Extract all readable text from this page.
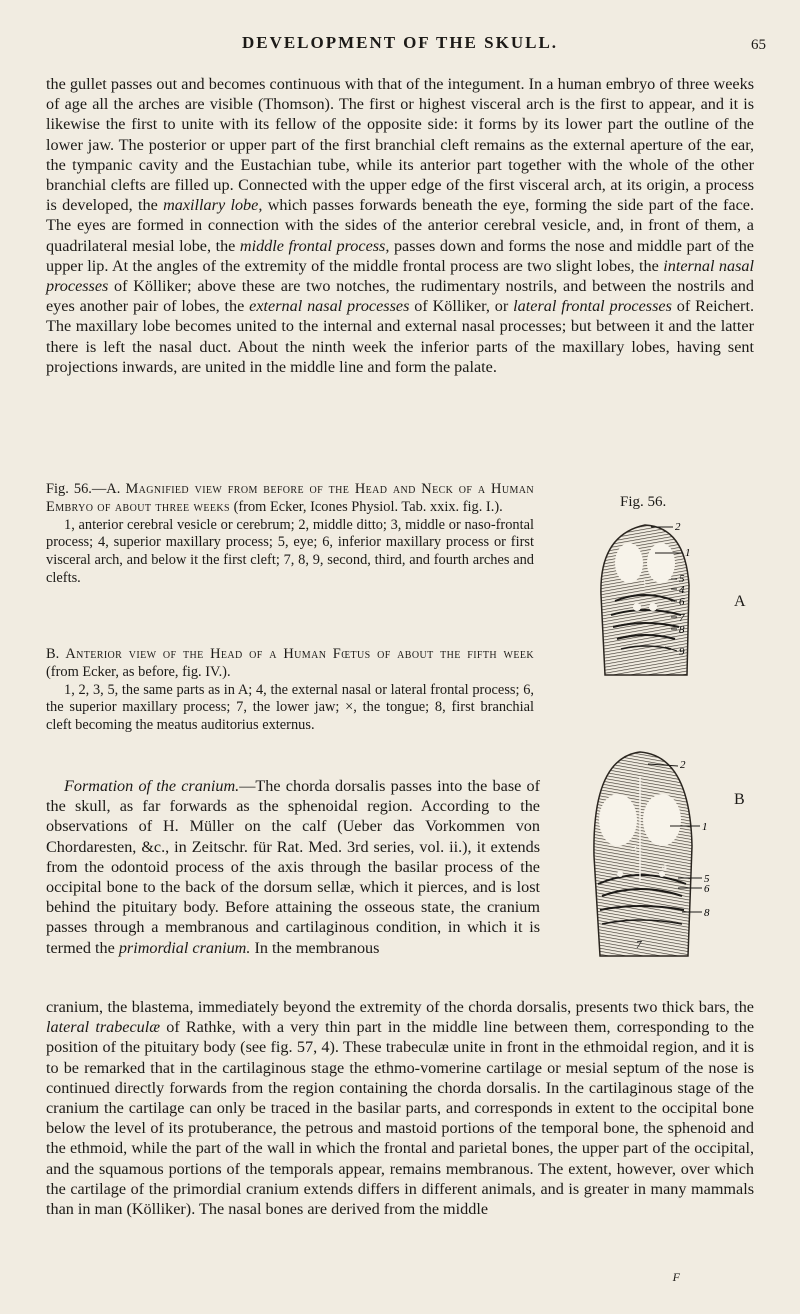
DEVELOPMENT OF THE SKULL.	65

the gullet passes out and becomes continuous with that of the integument. In a human embryo of three weeks of age all the arches are visible (Thomson). The first or highest visceral arch is the first to appear, and it is likewise the first to unite with its fellow of the opposite side: it forms by its lower part the outline of the lower jaw. The posterior or upper part of the first branchial cleft remains as the external aperture of the ear, the tympanic cavity and the Eustachian tube, while its anterior part together with the whole of the other branchial clefts are filled up. Connected with the upper edge of the first visceral arch, at its origin, a process is developed, the maxillary lobe, which passes forwards beneath the eye, forming the side part of the face. The eyes are formed in connection with the sides of the anterior cerebral vesicle, and, in front of them, a quadrilateral mesial lobe, the middle frontal process, passes down and forms the nose and middle part of the upper lip. At the angles of the extremity of the middle frontal process are two slight lobes, the internal nasal processes of Kölliker; above these are two notches, the rudimentary nostrils, and between the nostrils and eyes another pair of lobes, the external nasal processes of Kölliker, or lateral frontal processes of Reichert. The maxillary lobe becomes united to the internal and external nasal processes; but between it and the latter there is left the nasal duct. About the ninth week the inferior parts of the maxillary lobes, having sent projections inwards, are united in the middle line and form the palate.

Fig. 56.—A. Magnified view from before of the Head and Neck of a Human Embryo of about three weeks (from Ecker, Icones Physiol. Tab. xxix. fig. I.).
1, anterior cerebral vesicle or cerebrum; 2, middle ditto; 3, middle or naso-frontal process; 4, superior maxillary process; 5, eye; 6, inferior maxillary process or first visceral arch, and below it the first cleft; 7, 8, 9, second, third, and fourth arches and clefts.
B. Anterior view of the Head of a Human Fœtus of about the fifth week (from Ecker, as before, fig. IV.).
1, 2, 3, 5, the same parts as in A; 4, the external nasal or lateral frontal process; 6, the superior maxillary process; 7, the lower jaw; ×, the tongue; 8, first branchial cleft becoming the meatus auditorius externus.
Fig. 56.
A
B
2
1
3	5
4
6
7
8
9
2
1
3
4
5
6
8
7

Formation of the cranium.—The chorda dorsalis passes into the base of the skull, as far forwards as the sphenoidal region. According to the observations of H. Müller on the calf (Ueber das Vorkommen von Chordaresten, &c., in Zeitschr. für Rat. Med. 3rd series, vol. ii.), it extends from the odontoid process of the axis through the basilar process of the occipital bone to the back of the dorsum sellæ, which it pierces, and is lost behind the pituitary body. Before attaining the osseous state, the cranium passes through a membranous and cartilaginous condition, in which it is termed the primordial cranium. In the membranous

cranium, the blastema, immediately beyond the extremity of the chorda dorsalis, presents two thick bars, the lateral trabeculæ of Rathke, with a very thin part in the middle line between them, corresponding to the position of the pituitary body (see fig. 57, 4). These trabeculæ unite in front in the ethmoidal region, and it is to be remarked that in the cartilaginous stage the ethmo-vomerine cartilage or mesial septum of the nose is continued directly forwards from the region containing the chorda dorsalis. In the cartilaginous stage of the cranium the cartilage can only be traced in the basilar parts, and corresponds in extent to the occipital bone below the level of its protuberance, the petrous and mastoid portions of the temporal bone, the sphenoid and the ethmoid, while the part of the wall in which the frontal and parietal bones, the upper part of the occipital, and the squamous portions of the temporals appear, remains membranous. The extent, however, over which the cartilage of the primordial cranium extends differs in different animals, and is greater in many mammals than in man (Kölliker). The nasal bones are derived from the middle

F
